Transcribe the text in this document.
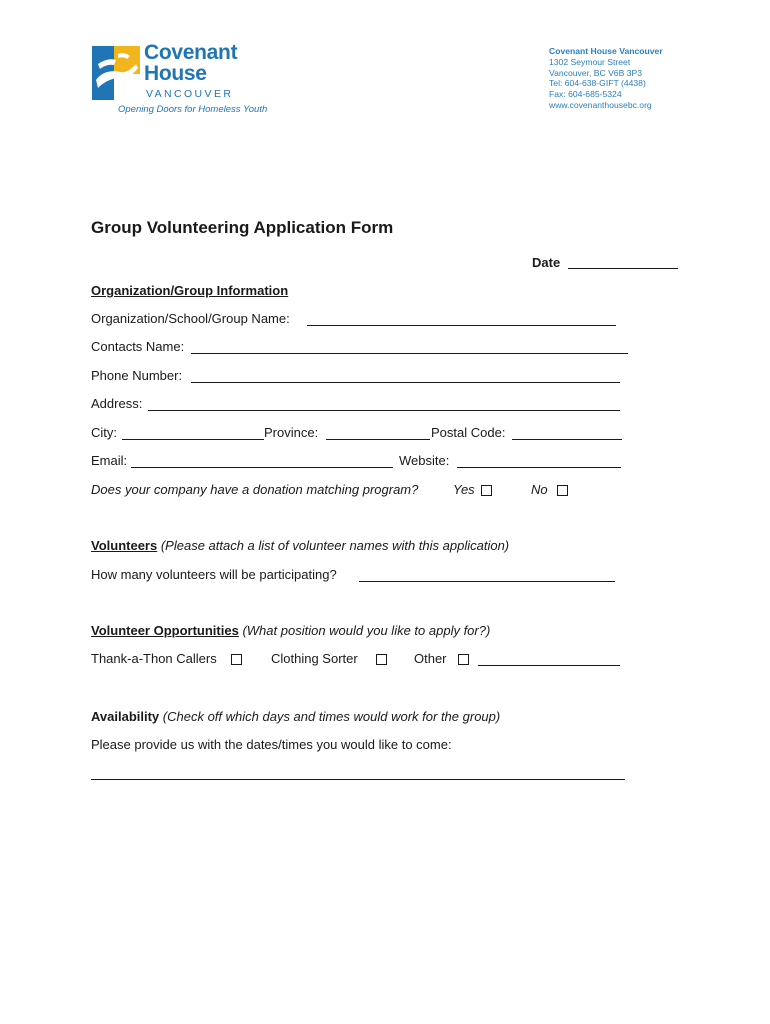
Covenant
House
VANCOUVER
Opening Doors for Homeless Youth
Covenant House Vancouver
1302 Seymour Street
Vancouver, BC V6B 3P3
Tel: 604-638-GIFT (4438)
Fax: 604-685-5324
www.covenanthousebc.org
Group Volunteering Application Form
Date
Organization/Group Information
Organization/School/Group Name:
Contacts Name:
Phone Number:
Address:
City:	Province:	Postal Code:
Email:	Website:
Does your company have a donation matching program?	Yes	No
Volunteers (Please attach a list of volunteer names with this application)
How many volunteers will be participating?
Volunteer Opportunities (What position would you like to apply for?)
Thank-a-Thon Callers	Clothing Sorter	Other
Availability (Check off which days and times would work for the group)
Please provide us with the dates/times you would like to come:
